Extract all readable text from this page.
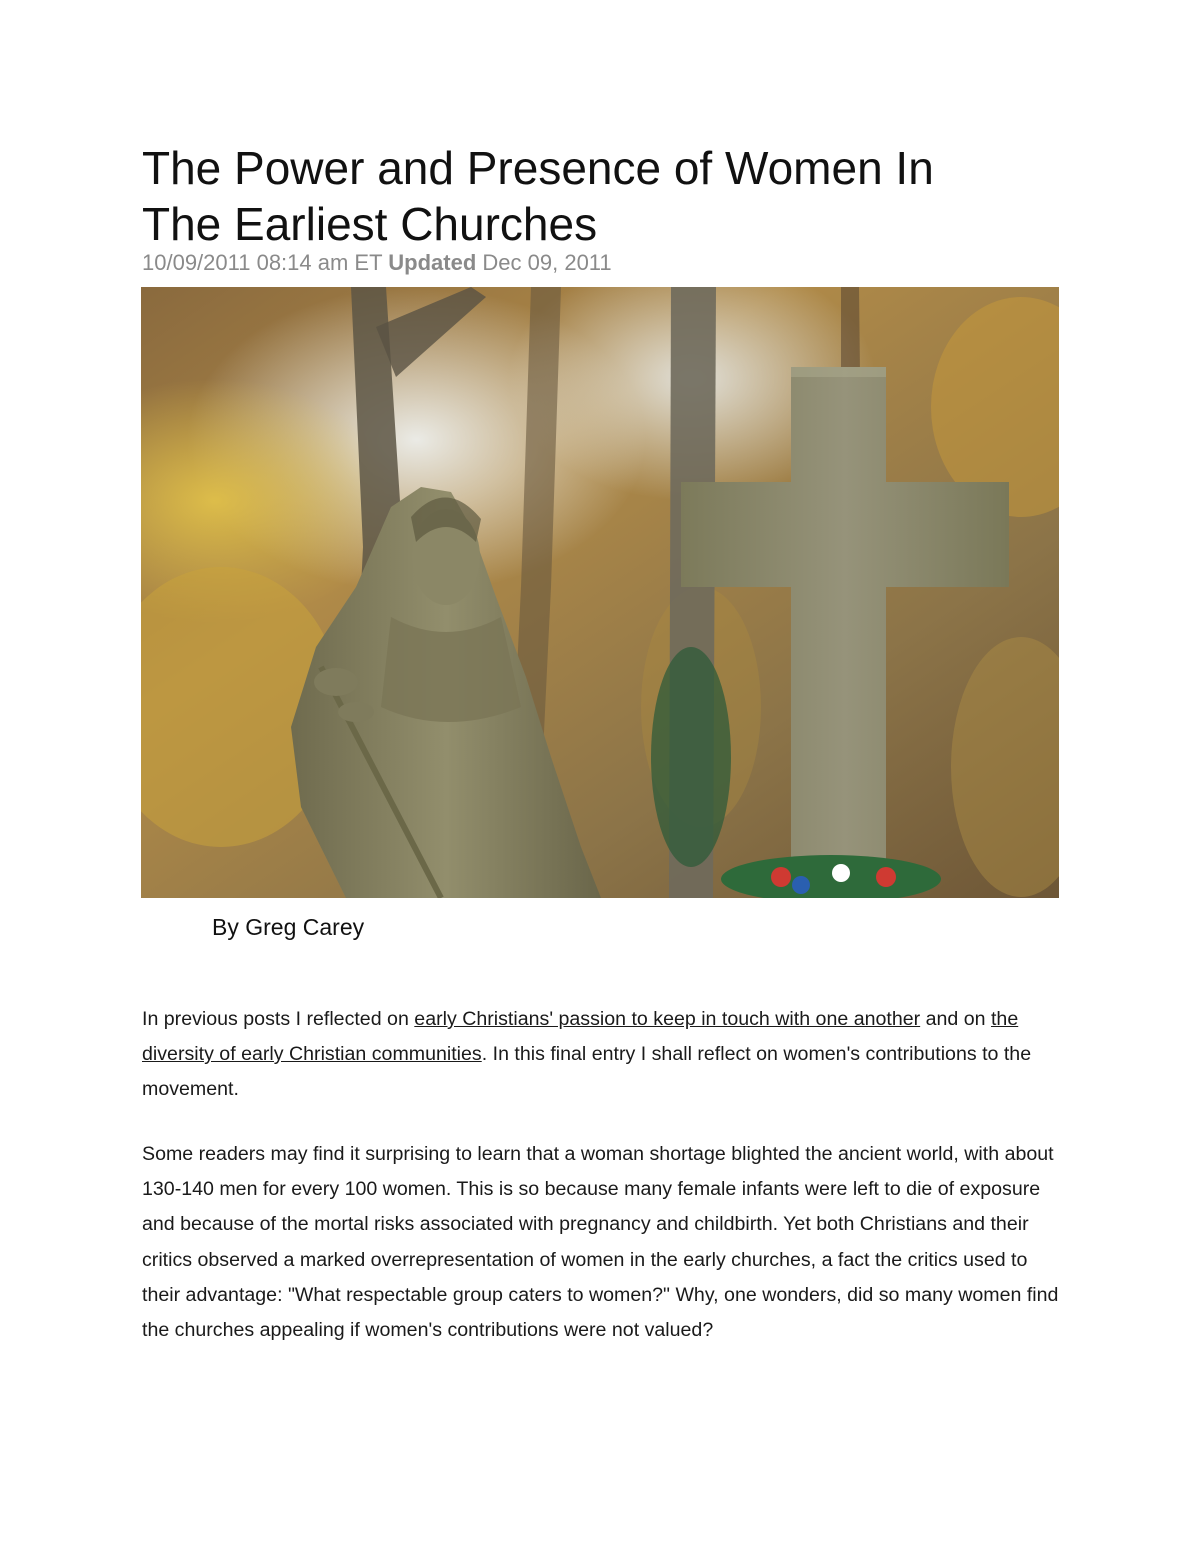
The Power and Presence of Women In
The Earliest Churches
10/09/2011 08:14 am ET Updated Dec 09, 2011
By Greg Carey

In previous posts I reflected on early Christians' passion to keep in touch with one another and on the diversity of early Christian communities. In this final entry I shall reflect on women's contributions to the movement.

Some readers may find it surprising to learn that a woman shortage blighted the ancient world, with about 130-140 men for every 100 women. This is so because many female infants were left to die of exposure and because of the mortal risks associated with pregnancy and childbirth. Yet both Christians and their critics observed a marked overrepresentation of women in the early churches, a fact the critics used to their advantage: "What respectable group caters to women?" Why, one wonders, did so many women find the churches appealing if women's contributions were not valued?
